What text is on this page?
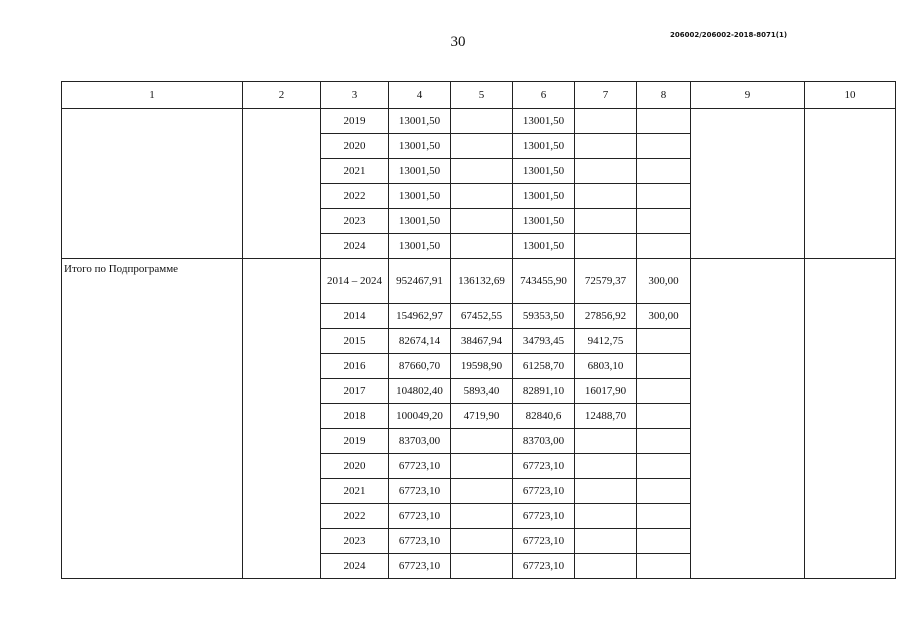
30	206002/206002-2018-8071(1)
1	2	3	4	5	6	7	8	9	10
		2019	13001,50		13001,50				
		2020	13001,50		13001,50				
		2021	13001,50		13001,50				
		2022	13001,50		13001,50				
		2023	13001,50		13001,50				
		2024	13001,50		13001,50				
Итого по Подпрограмме		2014 – 2024	952467,91	136132,69	743455,90	72579,37	300,00		
		2014	154962,97	67452,55	59353,50	27856,92	300,00		
		2015	82674,14	38467,94	34793,45	9412,75			
		2016	87660,70	19598,90	61258,70	6803,10			
		2017	104802,40	5893,40	82891,10	16017,90			
		2018	100049,20	4719,90	82840,6	12488,70			
		2019	83703,00		83703,00				
		2020	67723,10		67723,10				
		2021	67723,10		67723,10				
		2022	67723,10		67723,10				
		2023	67723,10		67723,10				
		2024	67723,10		67723,10				
